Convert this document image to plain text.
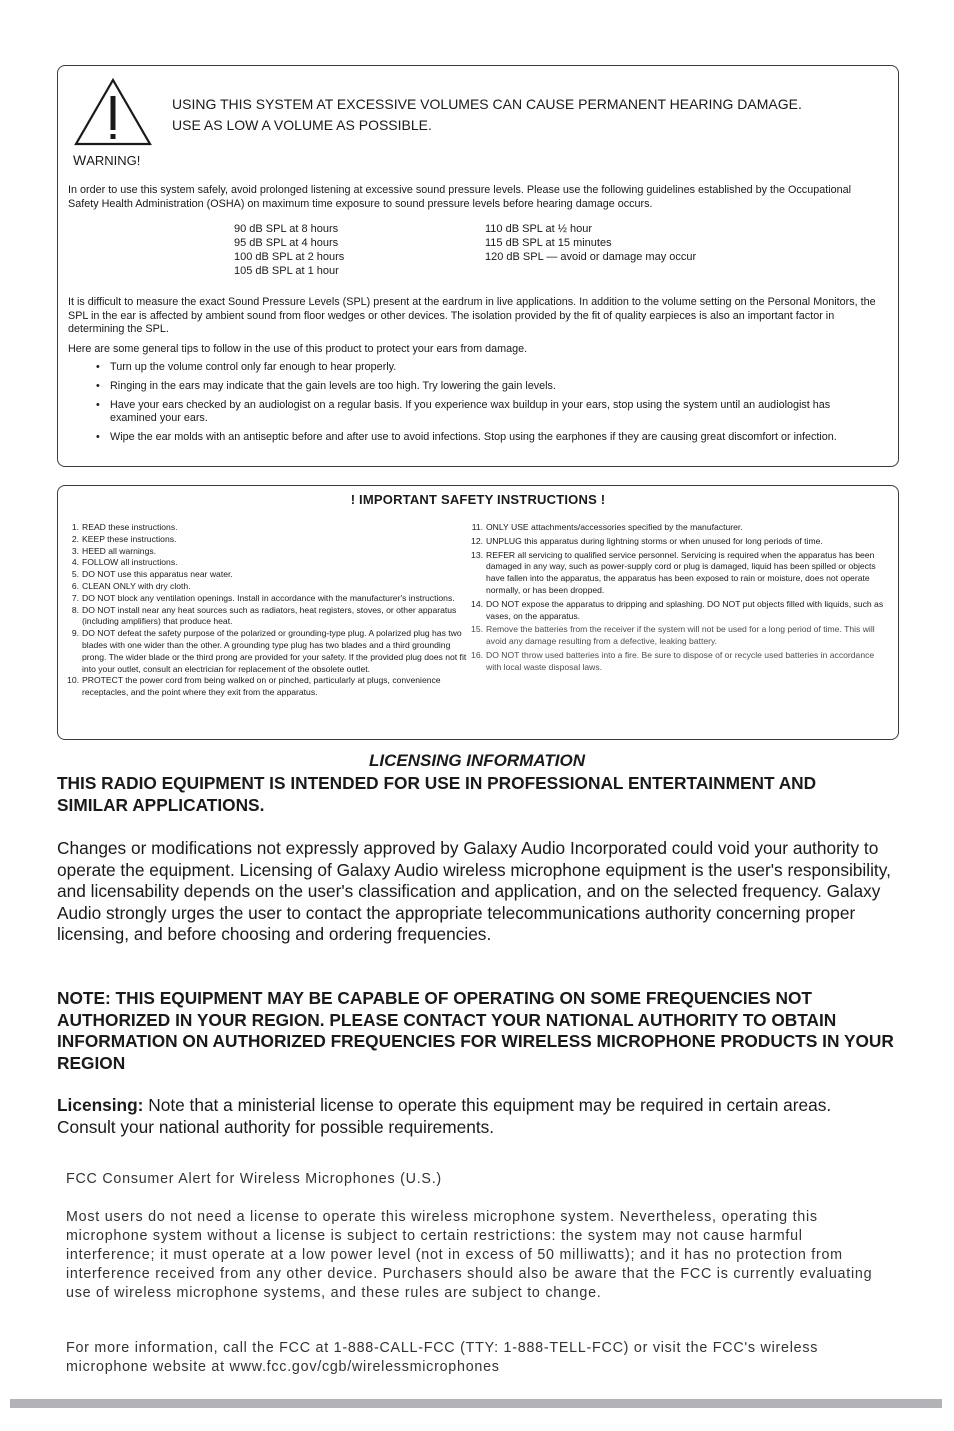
USING THIS SYSTEM AT EXCESSIVE VOLUMES CAN CAUSE PERMANENT HEARING DAMAGE.
USE AS LOW A VOLUME AS POSSIBLE.
WARNING!

In order to use this system safely, avoid prolonged listening at excessive sound pressure levels. Please use the following guidelines established by the Occupational Safety Health Administration (OSHA) on maximum time exposure to sound pressure levels before hearing damage occurs.

90 dB SPL at 8 hours
95 dB SPL at 4 hours
100 dB SPL at 2 hours
105 dB SPL at 1 hour
110 dB SPL at ½ hour
115 dB SPL at 15 minutes
120 dB SPL — avoid or damage may occur

It is difficult to measure the exact Sound Pressure Levels (SPL) present at the eardrum in live applications. In addition to the volume setting on the Personal Monitors, the SPL in the ear is affected by ambient sound from floor wedges or other devices. The isolation provided by the fit of quality earpieces is also an important factor in determining the SPL.

Here are some general tips to follow in the use of this product to protect your ears from damage.

• Turn up the volume control only far enough to hear properly.
• Ringing in the ears may indicate that the gain levels are too high. Try lowering the gain levels.
• Have your ears checked by an audiologist on a regular basis. If you experience wax buildup in your ears, stop using the system until an audiologist has examined your ears.
• Wipe the ear molds with an antiseptic before and after use to avoid infections. Stop using the earphones if they are causing great discomfort or infection.
! IMPORTANT SAFETY INSTRUCTIONS !
1. READ these instructions.
2. KEEP these instructions.
3. HEED all warnings.
4. FOLLOW all instructions.
5. DO NOT use this apparatus near water.
6. CLEAN ONLY with dry cloth.
7. DO NOT block any ventilation openings. Install in accordance with the manufacturer's instructions.
8. DO NOT install near any heat sources such as radiators, heat registers, stoves, or other apparatus (including amplifiers) that produce heat.
9. DO NOT defeat the safety purpose of the polarized or grounding-type plug. A polarized plug has two blades with one wider than the other. A grounding type plug has two blades and a third grounding prong. The wider blade or the third prong are provided for your safety. If the provided plug does not fit into your outlet, consult an electrician for replacement of the obsolete outlet.
10. PROTECT the power cord from being walked on or pinched, particularly at plugs, convenience receptacles, and the point where they exit from the apparatus.
11. ONLY USE attachments/accessories specified by the manufacturer.
12. UNPLUG this apparatus during lightning storms or when unused for long periods of time.
13. REFER all servicing to qualified service personnel. Servicing is required when the apparatus has been damaged in any way, such as power-supply cord or plug is damaged, liquid has been spilled or objects have fallen into the apparatus, the apparatus has been exposed to rain or moisture, does not operate normally, or has been dropped.
14. DO NOT expose the apparatus to dripping and splashing. DO NOT put objects filled with liquids, such as vases, on the apparatus.
15. Remove the batteries from the receiver if the system will not be used for a long period of time. This will avoid any damage resulting from a defective, leaking battery.
16. DO NOT throw used batteries into a fire. Be sure to dispose of or recycle used batteries in accordance with local waste disposal laws.
LICENSING INFORMATION

THIS RADIO EQUIPMENT IS INTENDED FOR USE IN PROFESSIONAL ENTERTAINMENT AND SIMILAR APPLICATIONS.

Changes or modifications not expressly approved by Galaxy Audio Incorporated could void your authority to operate the equipment. Licensing of Galaxy Audio wireless microphone equipment is the user's responsibility, and licensability depends on the user's classification and application, and on the selected frequency. Galaxy Audio strongly urges the user to contact the appropriate telecommunications authority concerning proper licensing, and before choosing and ordering frequencies.

NOTE: THIS EQUIPMENT MAY BE CAPABLE OF OPERATING ON SOME FREQUENCIES NOT AUTHORIZED IN YOUR REGION. PLEASE CONTACT YOUR NATIONAL AUTHORITY TO OBTAIN INFORMATION ON AUTHORIZED FREQUENCIES FOR WIRELESS MICROPHONE PRODUCTS IN YOUR REGION

Licensing: Note that a ministerial license to operate this equipment may be required in certain areas. Consult your national authority for possible requirements.

FCC Consumer Alert for Wireless Microphones (U.S.)

Most users do not need a license to operate this wireless microphone system. Nevertheless, operating this microphone system without a license is subject to certain restrictions: the system may not cause harmful interference; it must operate at a low power level (not in excess of 50 milliwatts); and it has no protection from interference received from any other device. Purchasers should also be aware that the FCC is currently evaluating use of wireless microphone systems, and these rules are subject to change.

For more information, call the FCC at 1-888-CALL-FCC (TTY: 1-888-TELL-FCC) or visit the FCC's wireless microphone website at www.fcc.gov/cgb/wirelessmicrophones
